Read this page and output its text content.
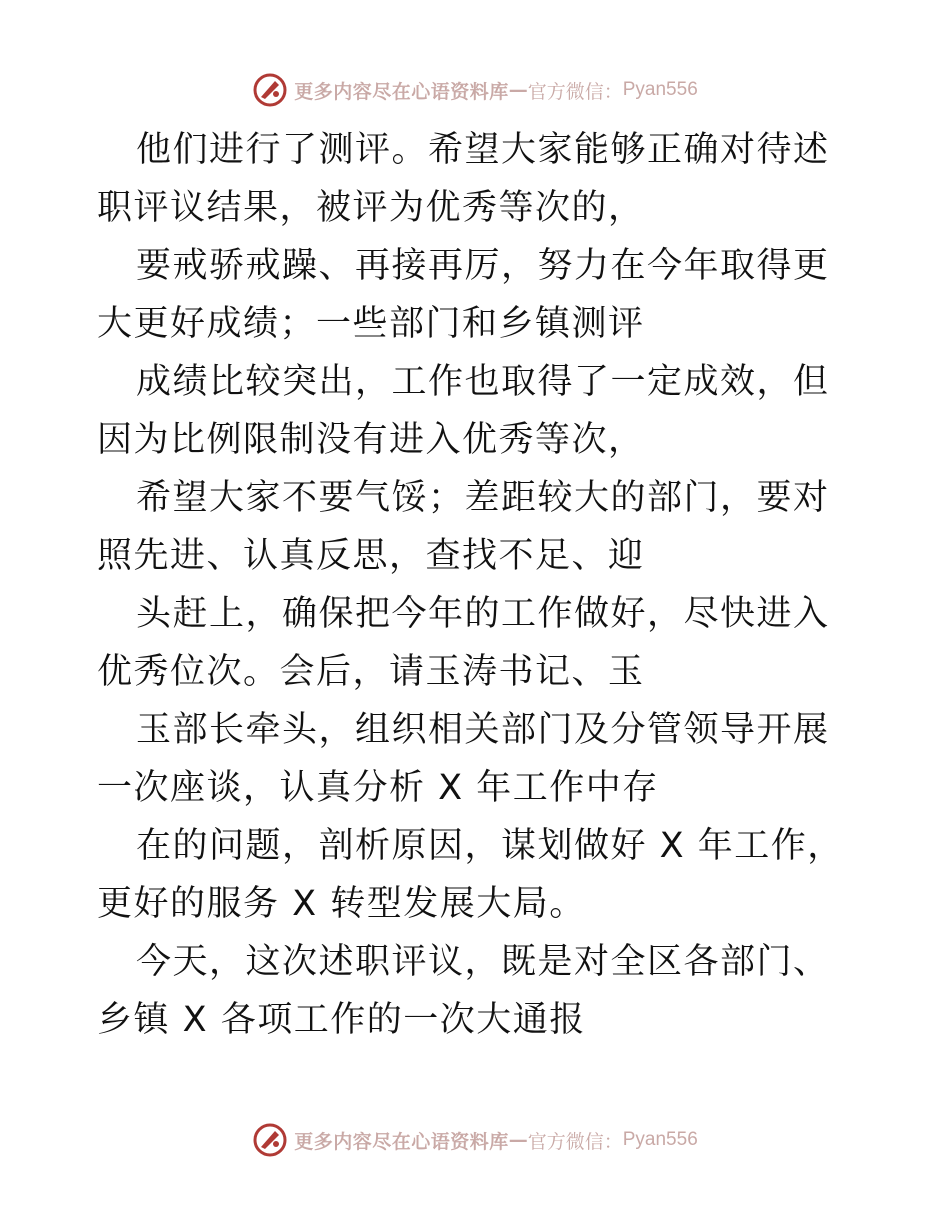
更多内容尽在心语资料库 — 官方微信： Pyan556

他们进行了测评。希望大家能够正确对待述职评议结果，被评为优秀等次的，

要戒骄戒躁、再接再厉，努力在今年取得更大更好成绩；一些部门和乡镇测评

成绩比较突出，工作也取得了一定成效，但因为比例限制没有进入优秀等次，

希望大家不要气馁；差距较大的部门，要对照先进、认真反思，查找不足、迎

头赶上，确保把今年的工作做好，尽快进入优秀位次。会后，请玉涛书记、玉

玉部长牵头，组织相关部门及分管领导开展一次座谈，认真分析 X 年工作中存

在的问题，剖析原因，谋划做好 X 年工作，更好的服务 X 转型发展大局。

今天，这次述职评议，既是对全区各部门、乡镇 X 各项工作的一次大通报

更多内容尽在心语资料库 — 官方微信： Pyan556
